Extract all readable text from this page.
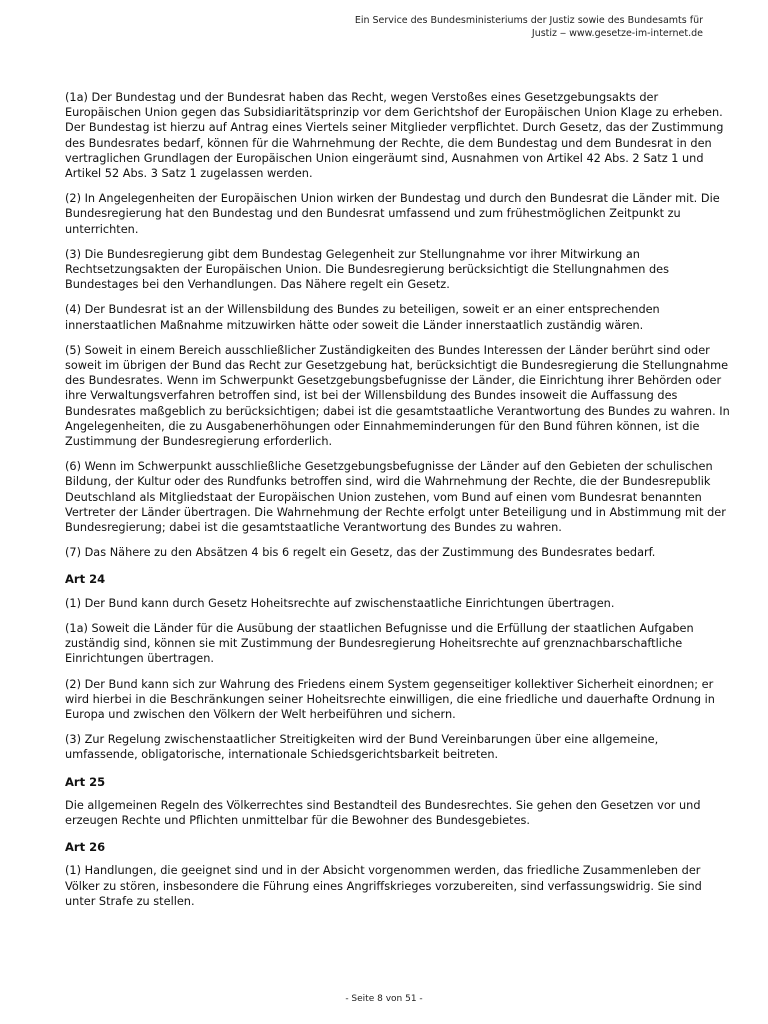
Ein Service des Bundesministeriums der Justiz sowie des Bundesamts für
Justiz ‒ www.gesetze-im-internet.de

(1a) Der Bundestag und der Bundesrat haben das Recht, wegen Verstoßes eines Gesetzgebungsakts der Europäischen Union gegen das Subsidiaritätsprinzip vor dem Gerichtshof der Europäischen Union Klage zu erheben. Der Bundestag ist hierzu auf Antrag eines Viertels seiner Mitglieder verpflichtet. Durch Gesetz, das der Zustimmung des Bundesrates bedarf, können für die Wahrnehmung der Rechte, die dem Bundestag und dem Bundesrat in den vertraglichen Grundlagen der Europäischen Union eingeräumt sind, Ausnahmen von Artikel 42 Abs. 2 Satz 1 und Artikel 52 Abs. 3 Satz 1 zugelassen werden.

(2) In Angelegenheiten der Europäischen Union wirken der Bundestag und durch den Bundesrat die Länder mit. Die Bundesregierung hat den Bundestag und den Bundesrat umfassend und zum frühestmöglichen Zeitpunkt zu unterrichten.

(3) Die Bundesregierung gibt dem Bundestag Gelegenheit zur Stellungnahme vor ihrer Mitwirkung an Rechtsetzungsakten der Europäischen Union. Die Bundesregierung berücksichtigt die Stellungnahmen des Bundestages bei den Verhandlungen. Das Nähere regelt ein Gesetz.

(4) Der Bundesrat ist an der Willensbildung des Bundes zu beteiligen, soweit er an einer entsprechenden innerstaatlichen Maßnahme mitzuwirken hätte oder soweit die Länder innerstaatlich zuständig wären.

(5) Soweit in einem Bereich ausschließlicher Zuständigkeiten des Bundes Interessen der Länder berührt sind oder soweit im übrigen der Bund das Recht zur Gesetzgebung hat, berücksichtigt die Bundesregierung die Stellungnahme des Bundesrates. Wenn im Schwerpunkt Gesetzgebungsbefugnisse der Länder, die Einrichtung ihrer Behörden oder ihre Verwaltungsverfahren betroffen sind, ist bei der Willensbildung des Bundes insoweit die Auffassung des Bundesrates maßgeblich zu berücksichtigen; dabei ist die gesamtstaatliche Verantwortung des Bundes zu wahren. In Angelegenheiten, die zu Ausgabenerhöhungen oder Einnahmeminderungen für den Bund führen können, ist die Zustimmung der Bundesregierung erforderlich.

(6) Wenn im Schwerpunkt ausschließliche Gesetzgebungsbefugnisse der Länder auf den Gebieten der schulischen Bildung, der Kultur oder des Rundfunks betroffen sind, wird die Wahrnehmung der Rechte, die der Bundesrepublik Deutschland als Mitgliedstaat der Europäischen Union zustehen, vom Bund auf einen vom Bundesrat benannten Vertreter der Länder übertragen. Die Wahrnehmung der Rechte erfolgt unter Beteiligung und in Abstimmung mit der Bundesregierung; dabei ist die gesamtstaatliche Verantwortung des Bundes zu wahren.

(7) Das Nähere zu den Absätzen 4 bis 6 regelt ein Gesetz, das der Zustimmung des Bundesrates bedarf.

Art 24

(1) Der Bund kann durch Gesetz Hoheitsrechte auf zwischenstaatliche Einrichtungen übertragen.

(1a) Soweit die Länder für die Ausübung der staatlichen Befugnisse und die Erfüllung der staatlichen Aufgaben zuständig sind, können sie mit Zustimmung der Bundesregierung Hoheitsrechte auf grenznachbarschaftliche Einrichtungen übertragen.

(2) Der Bund kann sich zur Wahrung des Friedens einem System gegenseitiger kollektiver Sicherheit einordnen; er wird hierbei in die Beschränkungen seiner Hoheitsrechte einwilligen, die eine friedliche und dauerhafte Ordnung in Europa und zwischen den Völkern der Welt herbeiführen und sichern.

(3) Zur Regelung zwischenstaatlicher Streitigkeiten wird der Bund Vereinbarungen über eine allgemeine, umfassende, obligatorische, internationale Schiedsgerichtsbarkeit beitreten.

Art 25

Die allgemeinen Regeln des Völkerrechtes sind Bestandteil des Bundesrechtes. Sie gehen den Gesetzen vor und erzeugen Rechte und Pflichten unmittelbar für die Bewohner des Bundesgebietes.

Art 26

(1) Handlungen, die geeignet sind und in der Absicht vorgenommen werden, das friedliche Zusammenleben der Völker zu stören, insbesondere die Führung eines Angriffskrieges vorzubereiten, sind verfassungswidrig. Sie sind unter Strafe zu stellen.

- Seite 8 von 51 -
